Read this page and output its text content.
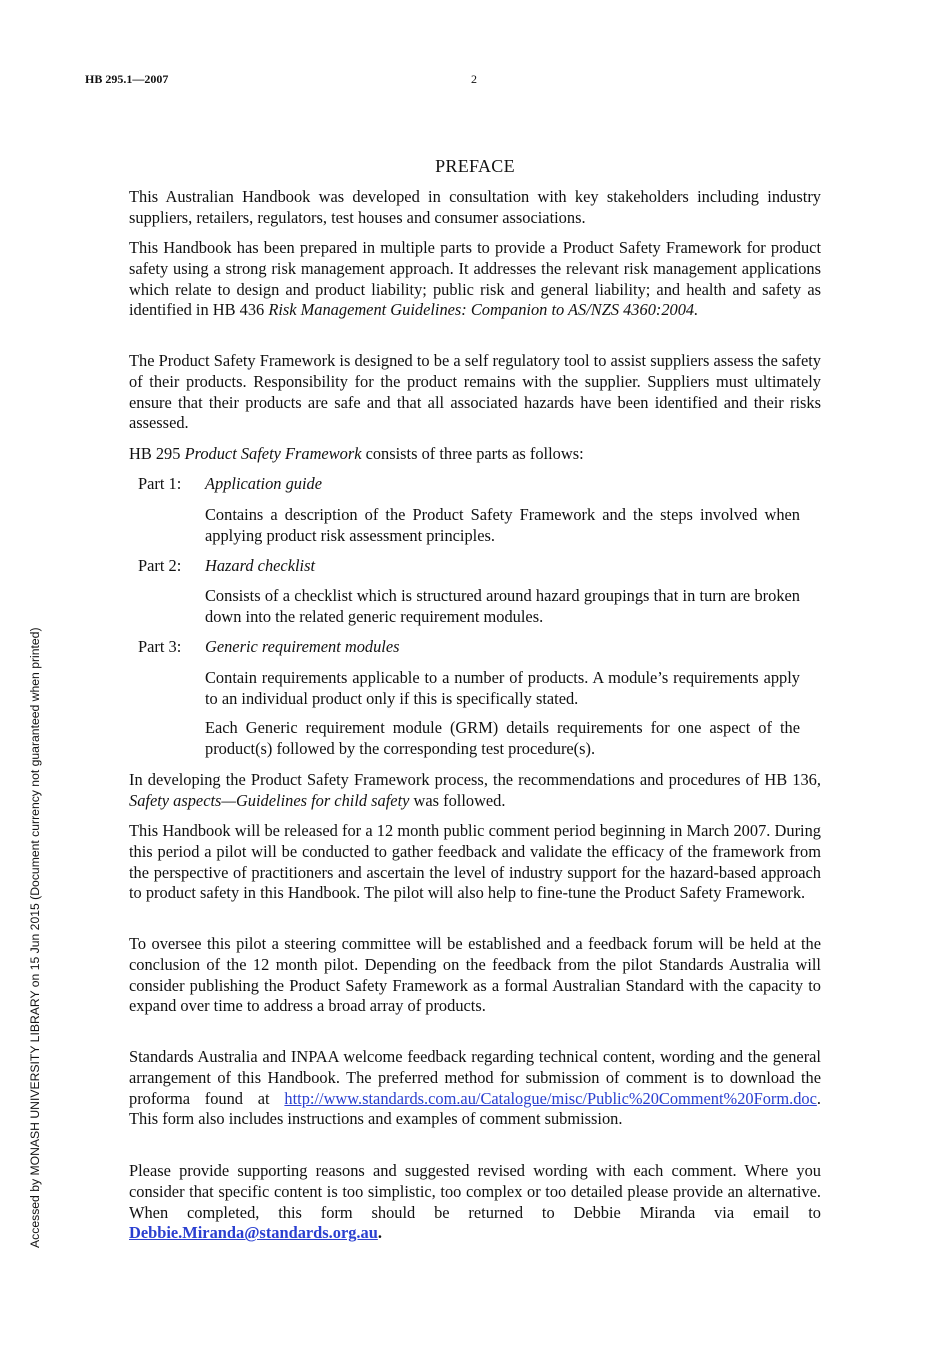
HB 295.1—2007	2
PREFACE

This Australian Handbook was developed in consultation with key stakeholders including industry suppliers, retailers, regulators, test houses and consumer associations.

This Handbook has been prepared in multiple parts to provide a Product Safety Framework for product safety using a strong risk management approach. It addresses the relevant risk management applications which relate to design and product liability; public risk and general liability; and health and safety as identified in HB 436 Risk Management Guidelines: Companion to AS/NZS 4360:2004.

The Product Safety Framework is designed to be a self regulatory tool to assist suppliers assess the safety of their products. Responsibility for the product remains with the supplier. Suppliers must ultimately ensure that their products are safe and that all associated hazards have been identified and their risks assessed.

HB 295 Product Safety Framework consists of three parts as follows:

Part 1: Application guide

Contains a description of the Product Safety Framework and the steps involved when applying product risk assessment principles.

Part 2: Hazard checklist

Consists of a checklist which is structured around hazard groupings that in turn are broken down into the related generic requirement modules.

Part 3: Generic requirement modules

Contain requirements applicable to a number of products. A module’s requirements apply to an individual product only if this is specifically stated.

Each Generic requirement module (GRM) details requirements for one aspect of the product(s) followed by the corresponding test procedure(s).

In developing the Product Safety Framework process, the recommendations and procedures of HB 136, Safety aspects—Guidelines for child safety was followed.

This Handbook will be released for a 12 month public comment period beginning in March 2007. During this period a pilot will be conducted to gather feedback and validate the efficacy of the framework from the perspective of practitioners and ascertain the level of industry support for the hazard-based approach to product safety in this Handbook. The pilot will also help to fine-tune the Product Safety Framework.

To oversee this pilot a steering committee will be established and a feedback forum will be held at the conclusion of the 12 month pilot. Depending on the feedback from the pilot Standards Australia will consider publishing the Product Safety Framework as a formal Australian Standard with the capacity to expand over time to address a broad array of products.

Standards Australia and INPAA welcome feedback regarding technical content, wording and the general arrangement of this Handbook. The preferred method for submission of comment is to download the proforma found at http://www.standards.com.au/Catalogue/misc/Public%20Comment%20Form.doc. This form also includes instructions and examples of comment submission.

Please provide supporting reasons and suggested revised wording with each comment. Where you consider that specific content is too simplistic, too complex or too detailed please provide an alternative. When completed, this form should be returned to Debbie Miranda via email to Debbie.Miranda@standards.org.au.

Accessed by MONASH UNIVERSITY LIBRARY on 15 Jun 2015 (Document currency not guaranteed when printed)
